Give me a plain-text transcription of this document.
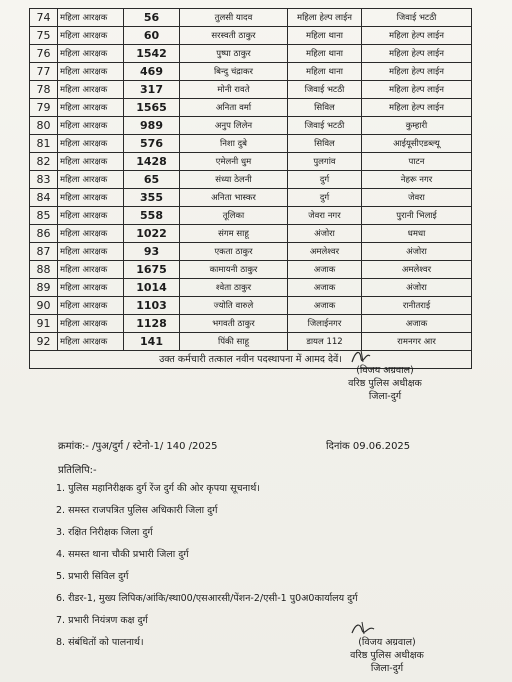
74	महिला आरक्षक	56	तुलसी यादव	महिला हेल्प लाईन	जिवाई भटठी
75	महिला आरक्षक	60	सरस्वती ठाकुर	महिला थाना	महिला हेल्प लाईन
76	महिला आरक्षक	1542	पुष्पा ठाकुर	महिला थाना	महिला हेल्प लाईन
77	महिला आरक्षक	469	बिन्दु चंद्राकर	महिला थाना	महिला हेल्प लाईन
78	महिला आरक्षक	317	मोनी रावते	जिवाई भटठी	महिला हेल्प लाईन
79	महिला आरक्षक	1565	अनिता वर्मा	सिविल	महिला हेल्प लाईन
80	महिला आरक्षक	989	अनुप लिलेन	जिवाई भटठी	कुम्हारी
81	महिला आरक्षक	576	निशा दुबे	सिविल	आईयूसीएडब्ल्यू
82	महिला आरक्षक	1428	एमेलनी धुम	पुलगांव	पाटन
83	महिला आरक्षक	65	संध्या ठेलनी	दुर्ग	नेहरू नगर
84	महिला आरक्षक	355	अनिता भास्कर	दुर्ग	जेवरा
85	महिला आरक्षक	558	तूलिका	जेवरा नगर	पुरानी भिलाई
86	महिला आरक्षक	1022	संगम साहू	अंजोरा	धमधा
87	महिला आरक्षक	93	एकता ठाकुर	अमलेश्वर	अंजोरा
88	महिला आरक्षक	1675	कामायनी ठाकुर	अजाक	अमलेश्वर
89	महिला आरक्षक	1014	श्वेता ठाकुर	अजाक	अंजोरा
90	महिला आरक्षक	1103	ज्योति वारुले	अजाक	रानीतराई
91	महिला आरक्षक	1128	भगवती ठाकुर	जिलाईनगर	अजाक
92	महिला आरक्षक	141	पिंकी साहू	डायल 112	रामनगर आर
उक्त कर्मचारी तत्काल नवीन पदस्थापना में आमद देवें।					
(विजय अग्रवाल)
वरिष्ठ पुलिस अधीक्षक
जिला-दुर्ग
क्रमांक:- /पुअ/दुर्ग / स्टेनो-1/ 140 /2025	दिनांक 09.06.2025
प्रतिलिपि:-
1. पुलिस महानिरीक्षक दुर्ग रेंज दुर्ग की ओर कृपया सूचनार्थ।
2. समस्त राजपत्रित पुलिस अधिकारी जिला दुर्ग
3. रक्षित निरीक्षक जिला दुर्ग
4. समस्त थाना चौकी प्रभारी जिला दुर्ग
5. प्रभारी सिविल दुर्ग
6. रीडर-1, मुख्य लिपिक/आंकि/स्था00/एसआरसी/पेंशन-2/एसी-1 पु0अ0कार्यालय दुर्ग
7. प्रभारी नियंत्रण कक्ष दुर्ग
8. संबंधितों को पालनार्थ।	(विजय अग्रवाल)
वरिष्ठ पुलिस अधीक्षक
जिला-दुर्ग
